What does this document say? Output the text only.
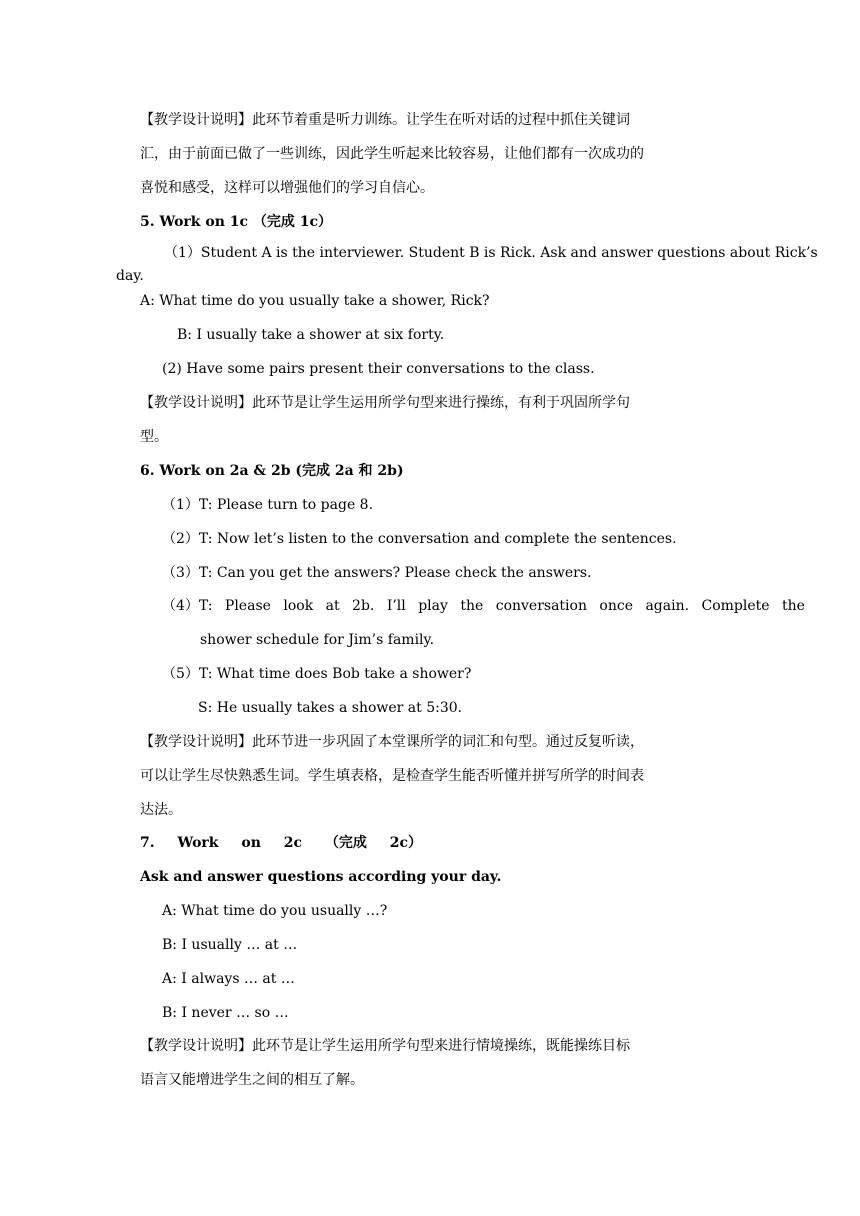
【教学设计说明】此环节着重是听力训练。让学生在听对话的过程中抓住关键词
汇，由于前面已做了一些训练，因此学生听起来比较容易，让他们都有一次成功的
喜悦和感受，这样可以增强他们的学习自信心。
5. Work on 1c （完成 1c）
（1）Student A is the interviewer. Student B is Rick. Ask and answer questions about Rick’s
day.
A: What time do you usually take a shower, Rick?
B: I usually take a shower at six forty.
(2) Have some pairs present their conversations to the class.
【教学设计说明】此环节是让学生运用所学句型来进行操练，有利于巩固所学句
型。
6. Work on 2a & 2b (完成 2a 和 2b)
（1）T: Please turn to page 8.
（2）T: Now let’s listen to the conversation and complete the sentences.
（3）T: Can you get the answers? Please check the answers.
（4）T: Please look at 2b. I’ll play the conversation once again. Complete the
shower schedule for Jim’s family.
（5）T: What time does Bob take a shower?
S: He usually takes a shower at 5:30.
【教学设计说明】此环节进一步巩固了本堂课所学的词汇和句型。通过反复听读，
可以让学生尽快熟悉生词。学生填表格，是检查学生能否听懂并拼写所学的时间表
达法。
7. Work on 2c （完成 2c）
Ask and answer questions according your day.
A: What time do you usually …?
B: I usually … at …
A: I always … at …
B: I never … so …
【教学设计说明】此环节是让学生运用所学句型来进行情境操练，既能操练目标
语言又能增进学生之间的相互了解。
